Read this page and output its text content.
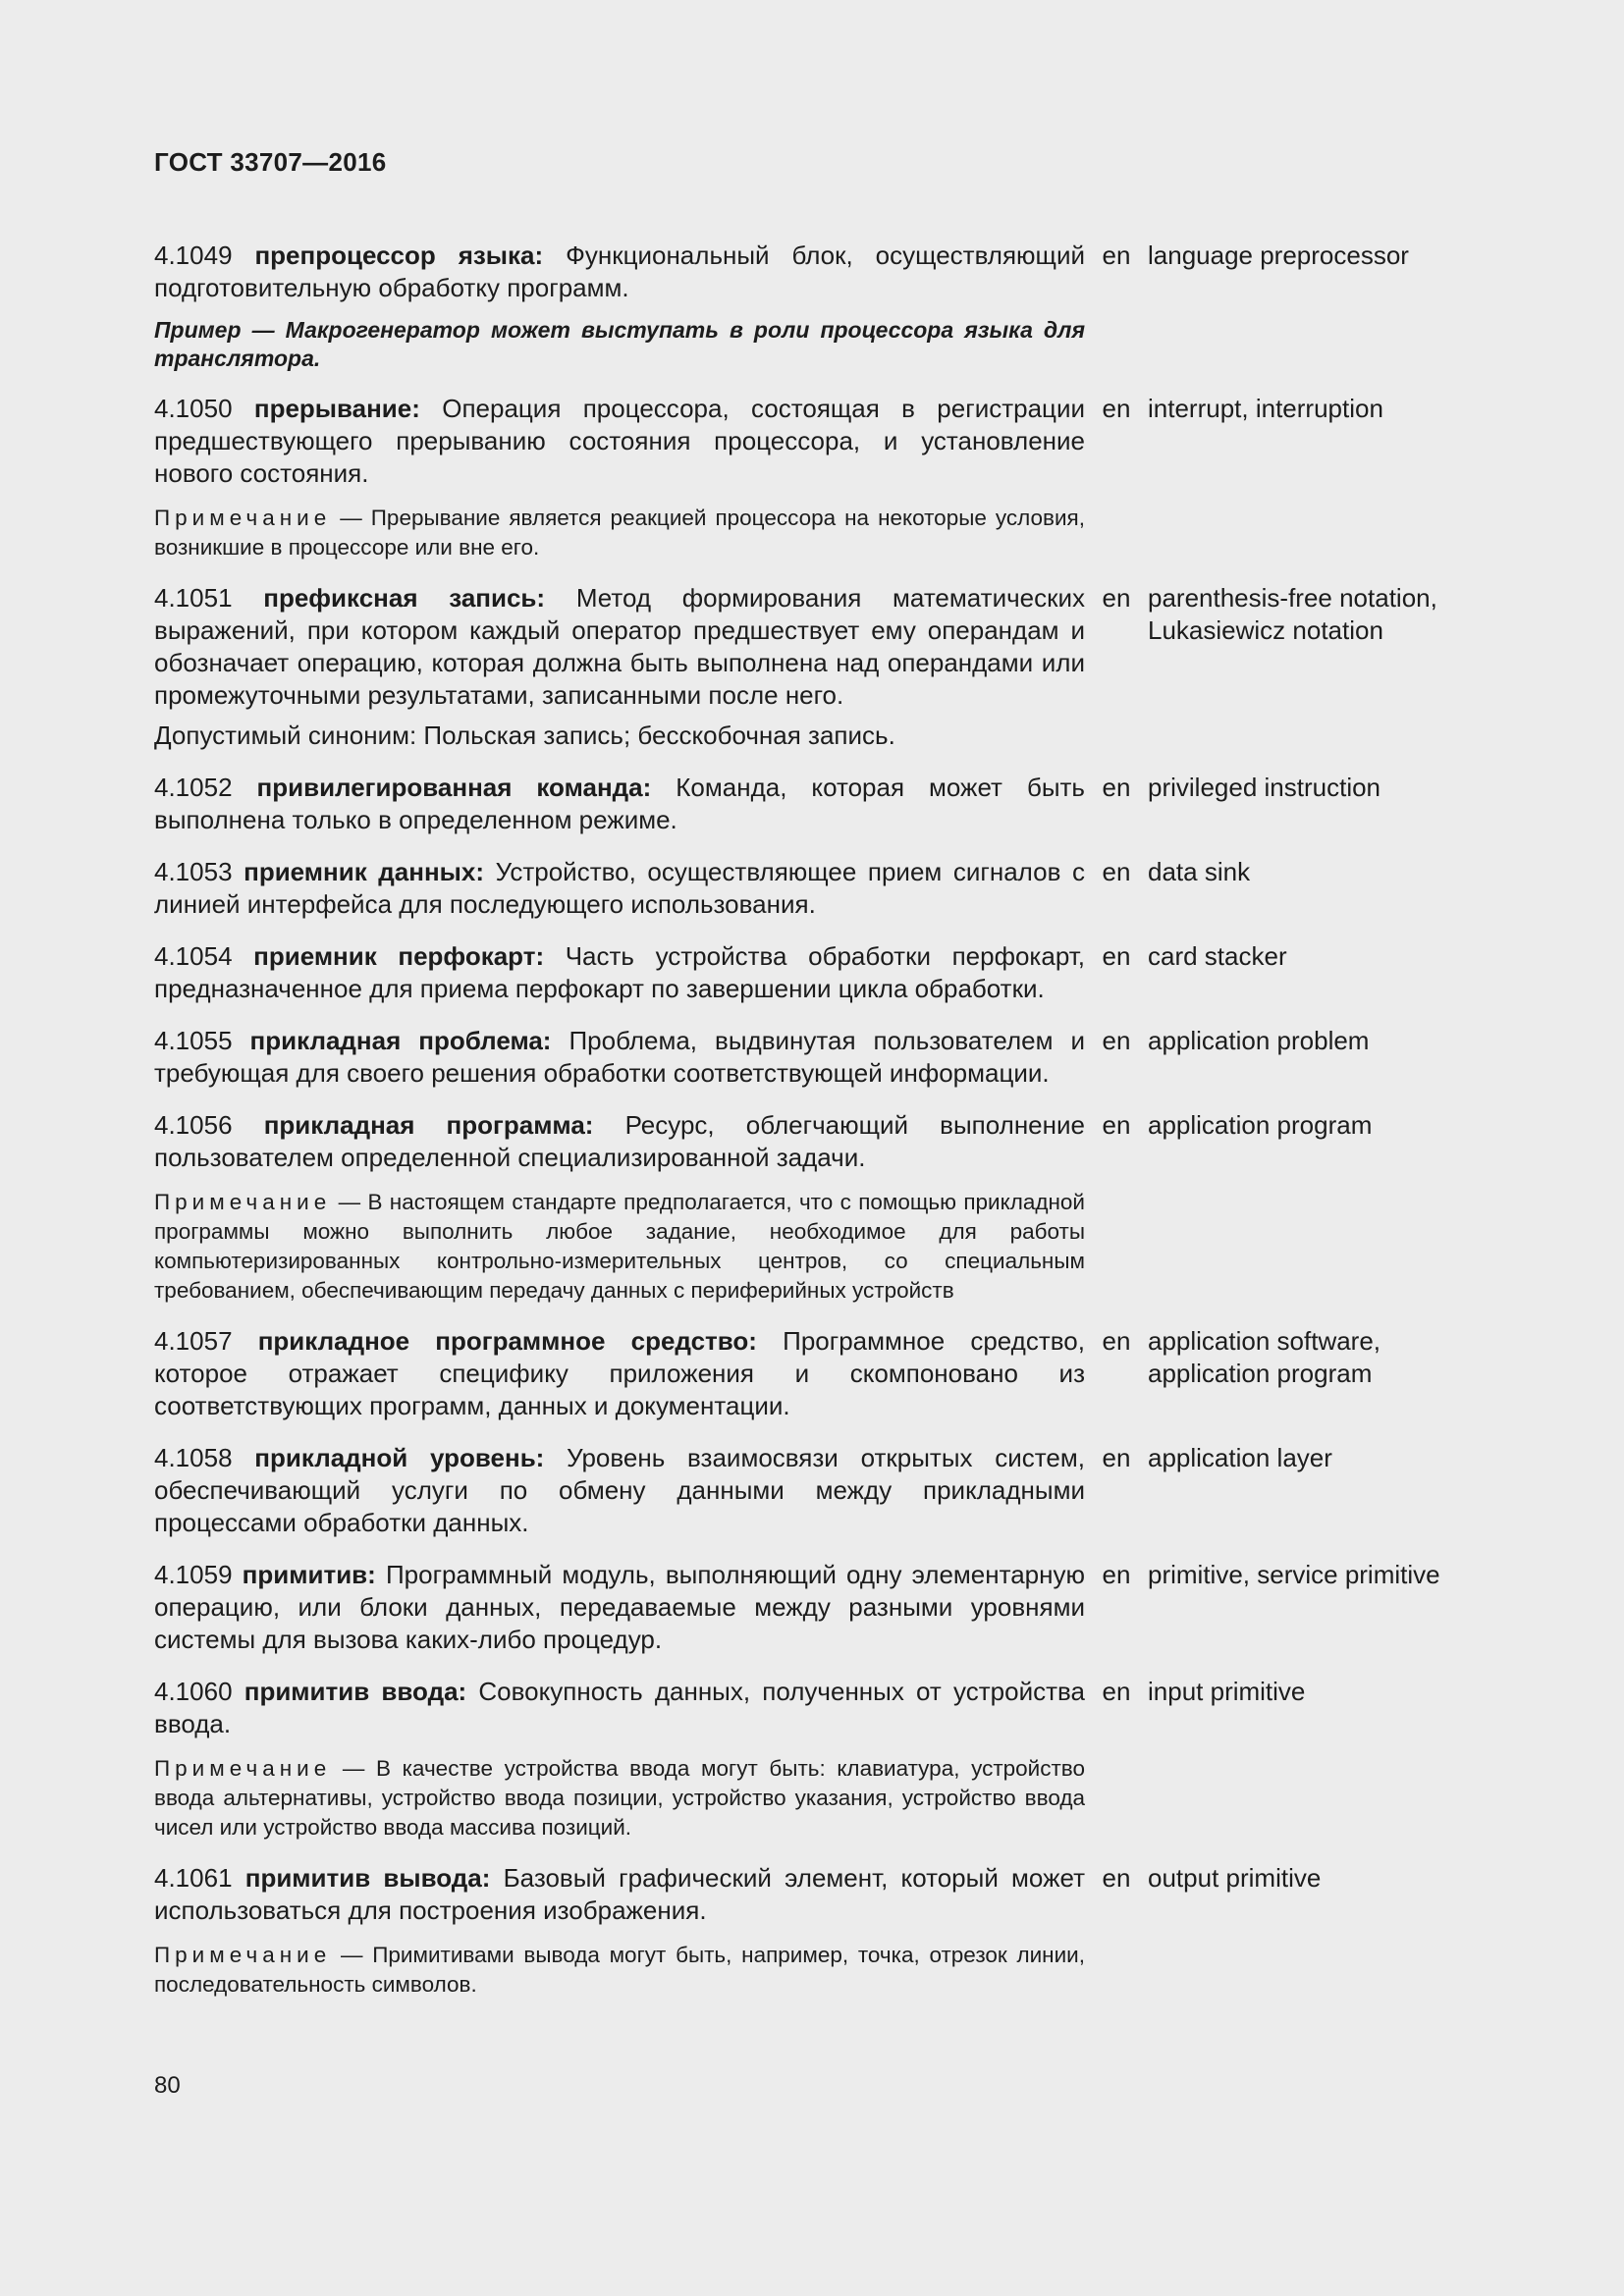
ГОСТ 33707—2016

4.1049 препроцессор языка: Функциональный блок, осуществляющий подготовительную обработку программ.

Пример — Макрогенератор может выступать в роли процессора языка для транслятора.

en language preprocessor

4.1050 прерывание: Операция процессора, состоящая в регистрации предшествующего прерыванию состояния процессора, и установление нового состояния.

Примечание — Прерывание является реакцией процессора на некоторые условия, возникшие в процессоре или вне его.

en interrupt, interruption

4.1051 префиксная запись: Метод формирования математических выражений, при котором каждый оператор предшествует ему операндам и обозначает операцию, которая должна быть выполнена над операндами или промежуточными результатами, записанными после него.

Допустимый синоним: Польская запись; бесскобочная запись.

en parenthesis-free notation, Lukasiewicz notation

4.1052 привилегированная команда: Команда, которая может быть выполнена только в определенном режиме.

en privileged instruction

4.1053 приемник данных: Устройство, осуществляющее прием сигналов с линией интерфейса для последующего использования.

en data sink

4.1054 приемник перфокарт: Часть устройства обработки перфокарт, предназначенное для приема перфокарт по завершении цикла обработки.

en card stacker

4.1055 прикладная проблема: Проблема, выдвинутая пользователем и требующая для своего решения обработки соответствующей информации.

en application problem

4.1056 прикладная программа: Ресурс, облегчающий выполнение пользователем определенной специализированной задачи.

Примечание — В настоящем стандарте предполагается, что с помощью прикладной программы можно выполнить любое задание, необходимое для работы компьютеризированных контрольно-измерительных центров, со специальным требованием, обеспечивающим передачу данных с периферийных устройств

en application program

4.1057 прикладное программное средство: Программное средство, которое отражает специфику приложения и скомпоновано из соответствующих программ, данных и документации.

en application software, application program

4.1058 прикладной уровень: Уровень взаимосвязи открытых систем, обеспечивающий услуги по обмену данными между прикладными процессами обработки данных.

en application layer

4.1059 примитив: Программный модуль, выполняющий одну элементарную операцию, или блоки данных, передаваемые между разными уровнями системы для вызова каких-либо процедур.

en primitive, service primitive

4.1060 примитив ввода: Совокупность данных, полученных от устройства ввода.

Примечание — В качестве устройства ввода могут быть: клавиатура, устройство ввода альтернативы, устройство ввода позиции, устройство указания, устройство ввода чисел или устройство ввода массива позиций.

en input primitive

4.1061 примитив вывода: Базовый графический элемент, который может использоваться для построения изображения.

Примечание — Примитивами вывода могут быть, например, точка, отрезок линии, последовательность символов.

en output primitive
80
